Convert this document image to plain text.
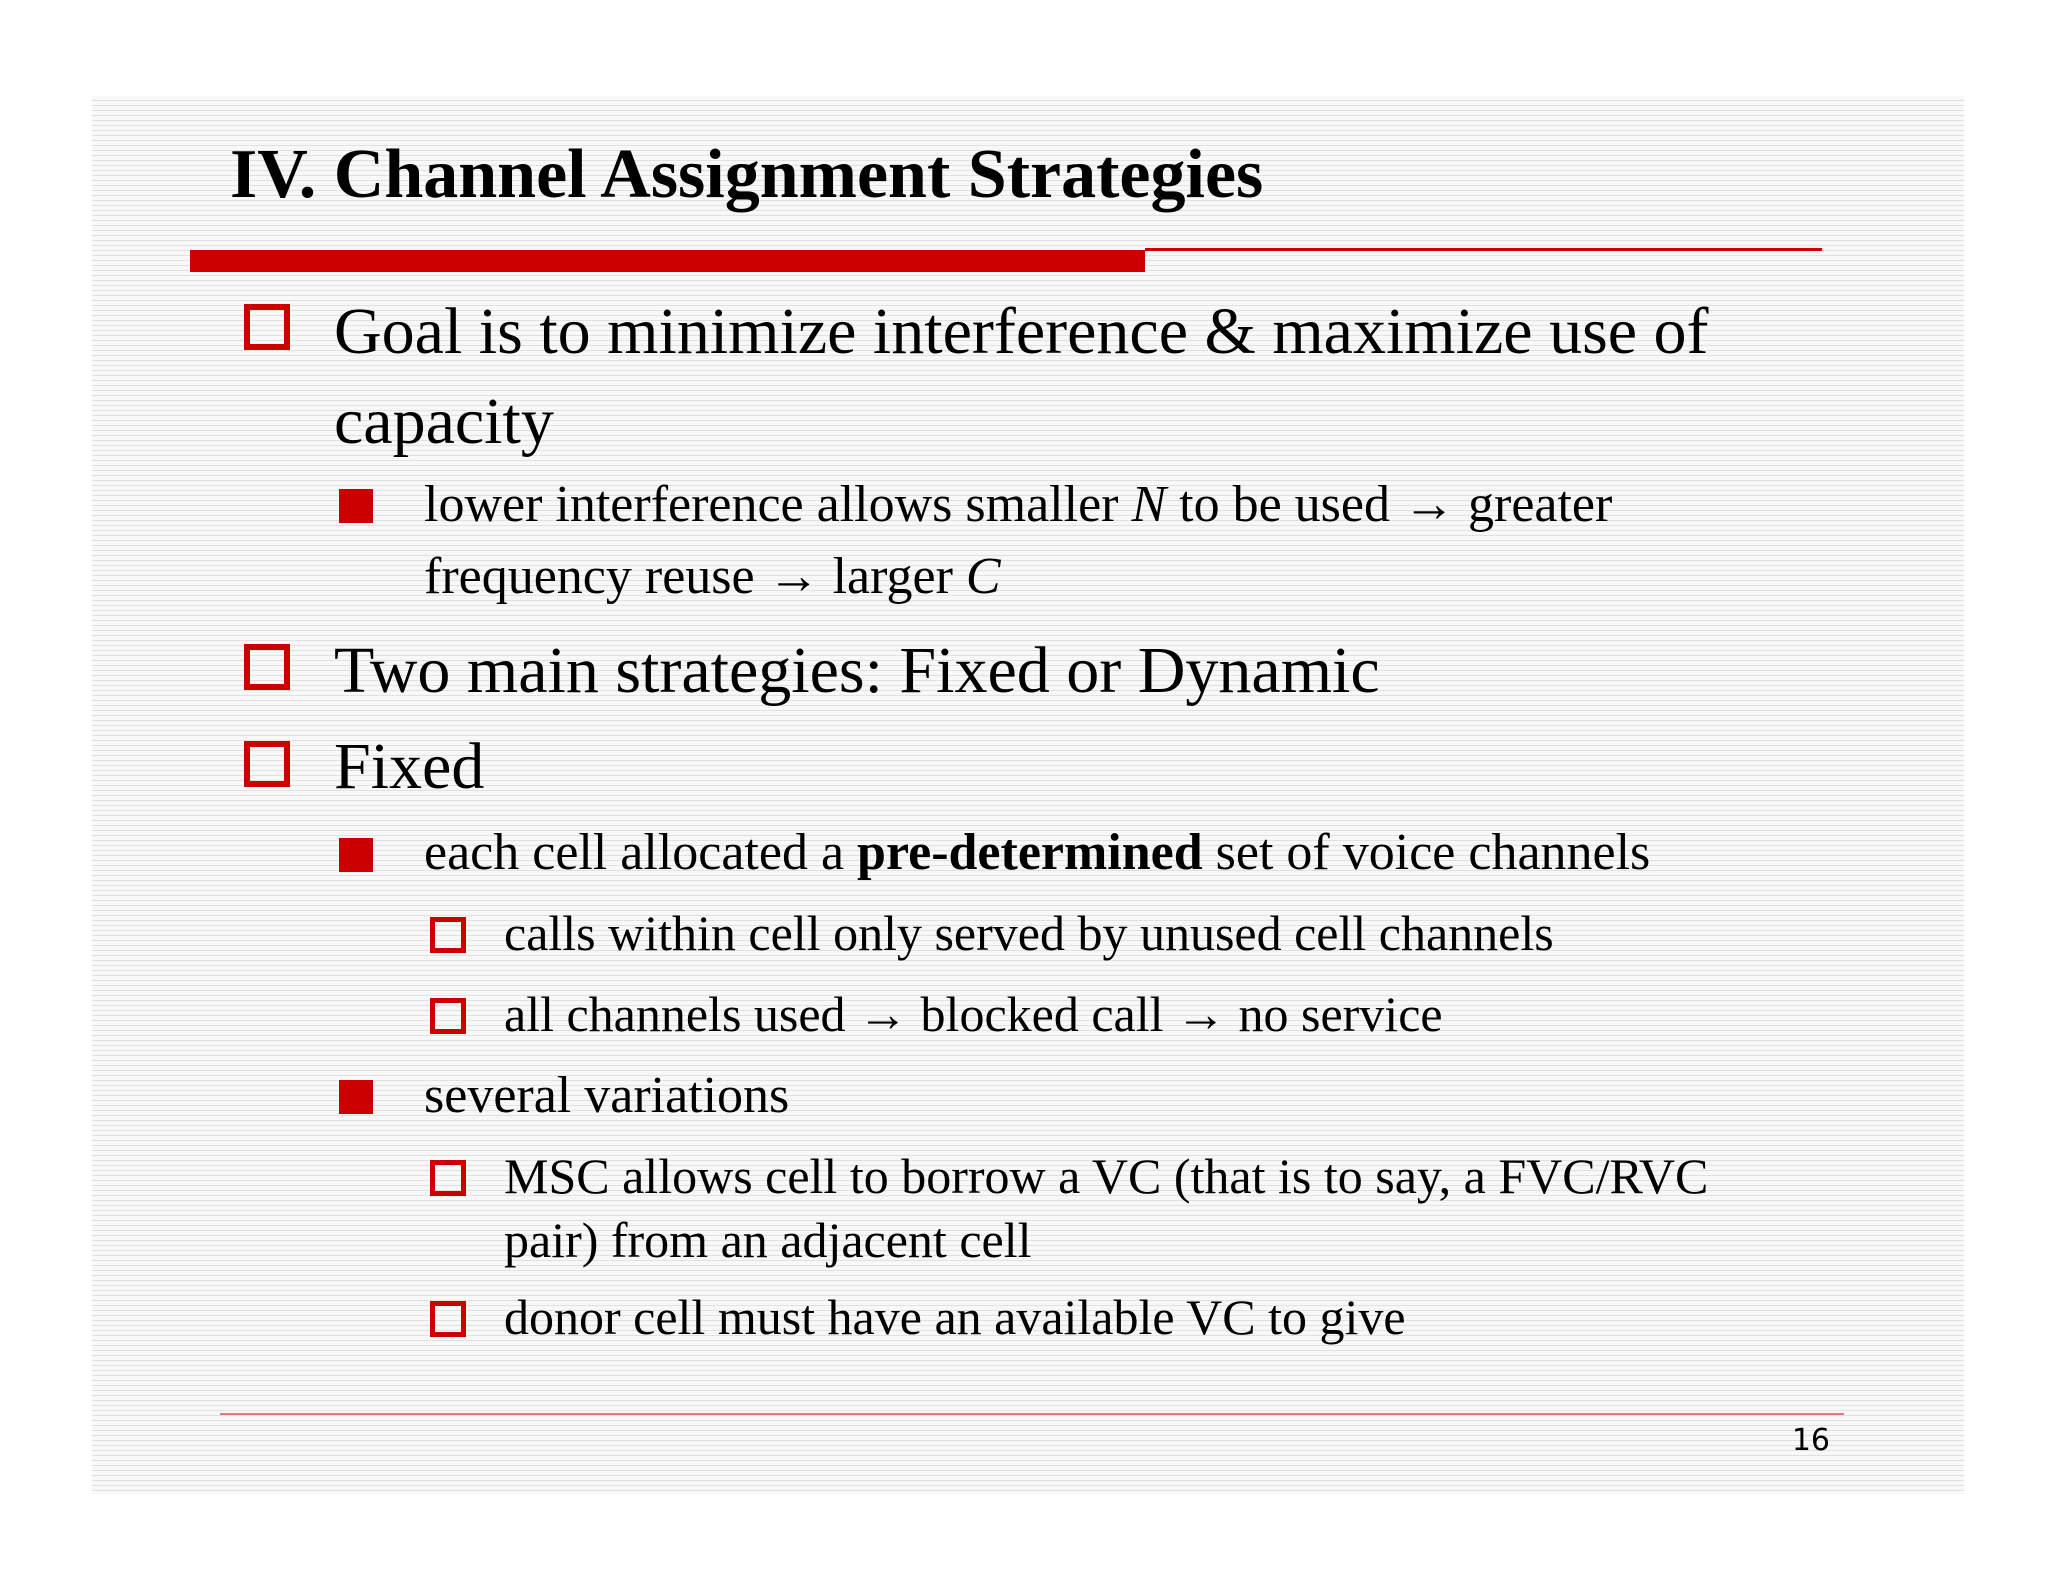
IV. Channel Assignment Strategies
Goal is to minimize interference & maximize use of
capacity
lower interference allows smaller N to be used → greater
frequency reuse → larger C
Two main strategies: Fixed or Dynamic
Fixed
each cell allocated a pre-determined set of voice channels
calls within cell only served by unused cell channels
all channels used → blocked call → no service
several variations
MSC allows cell to borrow a VC (that is to say, a FVC/RVC
pair) from an adjacent cell
donor cell must have an available VC to give
16
